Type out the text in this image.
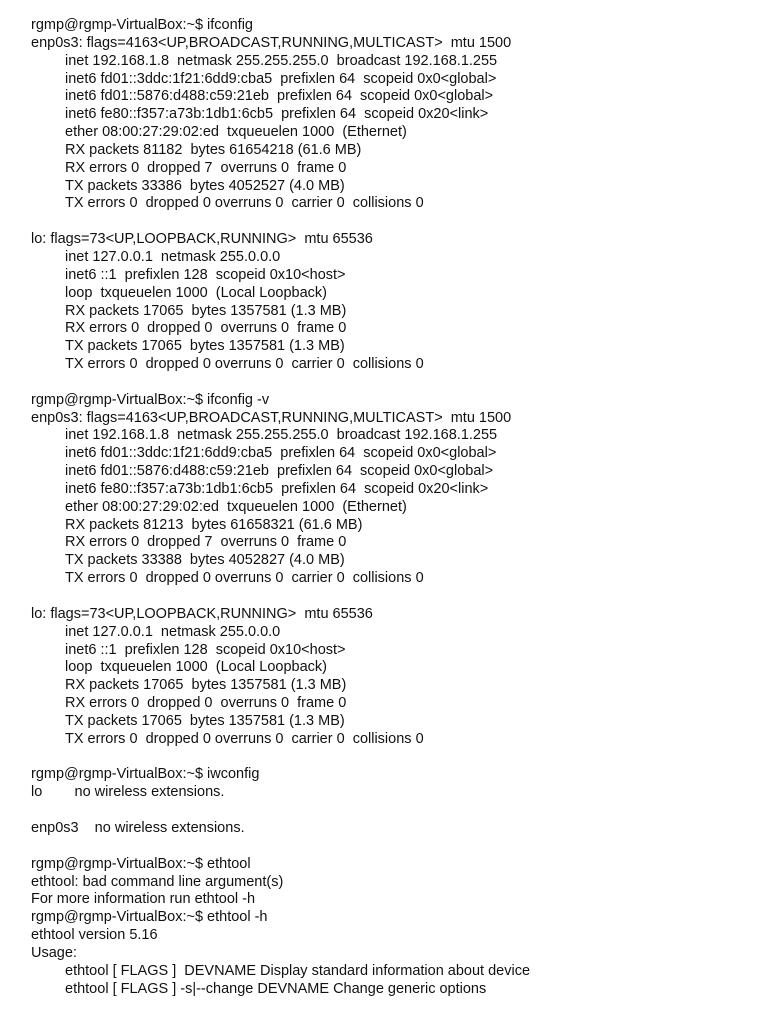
rgmp@rgmp-VirtualBox:~$ ifconfig
enp0s3: flags=4163<UP,BROADCAST,RUNNING,MULTICAST>  mtu 1500
inet 192.168.1.8  netmask 255.255.255.0  broadcast 192.168.1.255
inet6 fd01::3ddc:1f21:6dd9:cba5  prefixlen 64  scopeid 0x0<global>
inet6 fd01::5876:d488:c59:21eb  prefixlen 64  scopeid 0x0<global>
inet6 fe80::f357:a73b:1db1:6cb5  prefixlen 64  scopeid 0x20<link>
ether 08:00:27:29:02:ed  txqueuelen 1000  (Ethernet)
RX packets 81182  bytes 61654218 (61.6 MB)
RX errors 0  dropped 7  overruns 0  frame 0
TX packets 33386  bytes 4052527 (4.0 MB)
TX errors 0  dropped 0 overruns 0  carrier 0  collisions 0
lo: flags=73<UP,LOOPBACK,RUNNING>  mtu 65536
inet 127.0.0.1  netmask 255.0.0.0
inet6 ::1  prefixlen 128  scopeid 0x10<host>
loop  txqueuelen 1000  (Local Loopback)
RX packets 17065  bytes 1357581 (1.3 MB)
RX errors 0  dropped 0  overruns 0  frame 0
TX packets 17065  bytes 1357581 (1.3 MB)
TX errors 0  dropped 0 overruns 0  carrier 0  collisions 0
rgmp@rgmp-VirtualBox:~$ ifconfig -v
enp0s3: flags=4163<UP,BROADCAST,RUNNING,MULTICAST>  mtu 1500
inet 192.168.1.8  netmask 255.255.255.0  broadcast 192.168.1.255
inet6 fd01::3ddc:1f21:6dd9:cba5  prefixlen 64  scopeid 0x0<global>
inet6 fd01::5876:d488:c59:21eb  prefixlen 64  scopeid 0x0<global>
inet6 fe80::f357:a73b:1db1:6cb5  prefixlen 64  scopeid 0x20<link>
ether 08:00:27:29:02:ed  txqueuelen 1000  (Ethernet)
RX packets 81213  bytes 61658321 (61.6 MB)
RX errors 0  dropped 7  overruns 0  frame 0
TX packets 33388  bytes 4052827 (4.0 MB)
TX errors 0  dropped 0 overruns 0  carrier 0  collisions 0
lo: flags=73<UP,LOOPBACK,RUNNING>  mtu 65536
inet 127.0.0.1  netmask 255.0.0.0
inet6 ::1  prefixlen 128  scopeid 0x10<host>
loop  txqueuelen 1000  (Local Loopback)
RX packets 17065  bytes 1357581 (1.3 MB)
RX errors 0  dropped 0  overruns 0  frame 0
TX packets 17065  bytes 1357581 (1.3 MB)
TX errors 0  dropped 0 overruns 0  carrier 0  collisions 0
rgmp@rgmp-VirtualBox:~$ iwconfig
lo        no wireless extensions.
enp0s3    no wireless extensions.
rgmp@rgmp-VirtualBox:~$ ethtool
ethtool: bad command line argument(s)
For more information run ethtool -h
rgmp@rgmp-VirtualBox:~$ ethtool -h
ethtool version 5.16
Usage:
ethtool [ FLAGS ]  DEVNAME Display standard information about device
ethtool [ FLAGS ] -s|--change DEVNAME Change generic options
